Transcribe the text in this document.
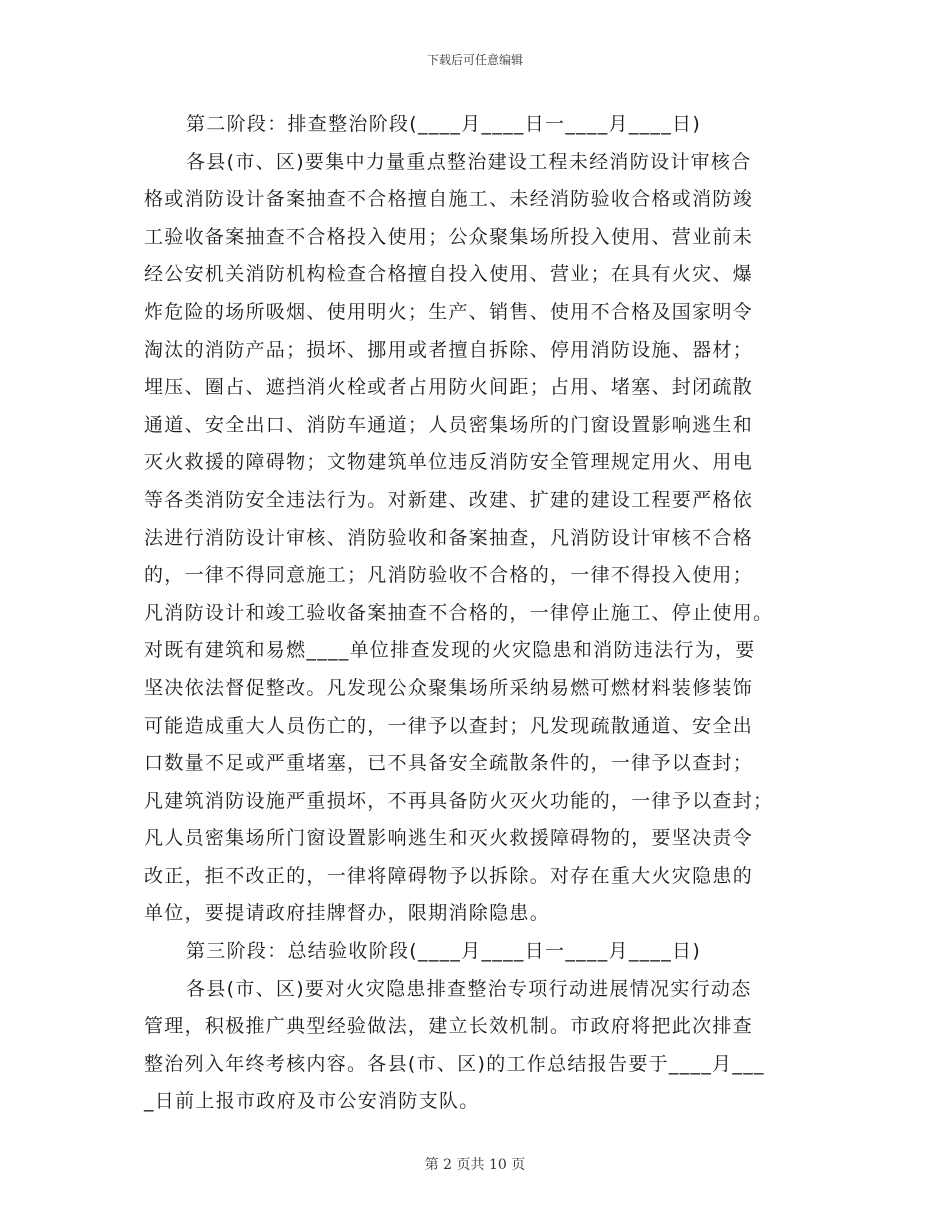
下载后可任意编辑
第二阶段：排查整治阶段(____月____日一____月____日)
各县(市、区)要集中力量重点整治建设工程未经消防设计审核合
格或消防设计备案抽查不合格擅自施工、未经消防验收合格或消防竣
工验收备案抽查不合格投入使用；公众聚集场所投入使用、营业前未
经公安机关消防机构检查合格擅自投入使用、营业；在具有火灾、爆
炸危险的场所吸烟、使用明火；生产、销售、使用不合格及国家明令
淘汰的消防产品；损坏、挪用或者擅自拆除、停用消防设施、器材；
埋压、圈占、遮挡消火栓或者占用防火间距；占用、堵塞、封闭疏散
通道、安全出口、消防车通道；人员密集场所的门窗设置影响逃生和
灭火救援的障碍物；文物建筑单位违反消防安全管理规定用火、用电
等各类消防安全违法行为。对新建、改建、扩建的建设工程要严格依
法进行消防设计审核、消防验收和备案抽查，凡消防设计审核不合格
的，一律不得同意施工；凡消防验收不合格的，一律不得投入使用；
凡消防设计和竣工验收备案抽查不合格的，一律停止施工、停止使用。
对既有建筑和易燃____单位排查发现的火灾隐患和消防违法行为，要
坚决依法督促整改。凡发现公众聚集场所采纳易燃可燃材料装修装饰
可能造成重大人员伤亡的，一律予以查封；凡发现疏散通道、安全出
口数量不足或严重堵塞，已不具备安全疏散条件的，一律予以查封；
凡建筑消防设施严重损坏，不再具备防火灭火功能的，一律予以查封；
凡人员密集场所门窗设置影响逃生和灭火救援障碍物的，要坚决责令
改正，拒不改正的，一律将障碍物予以拆除。对存在重大火灾隐患的
单位，要提请政府挂牌督办，限期消除隐患。
第三阶段：总结验收阶段(____月____日一____月____日)
各县(市、区)要对火灾隐患排查整治专项行动进展情况实行动态
管理，积极推广典型经验做法，建立长效机制。市政府将把此次排查
整治列入年终考核内容。各县(市、区)的工作总结报告要于____月___
_日前上报市政府及市公安消防支队。
第 2 页共 10 页
